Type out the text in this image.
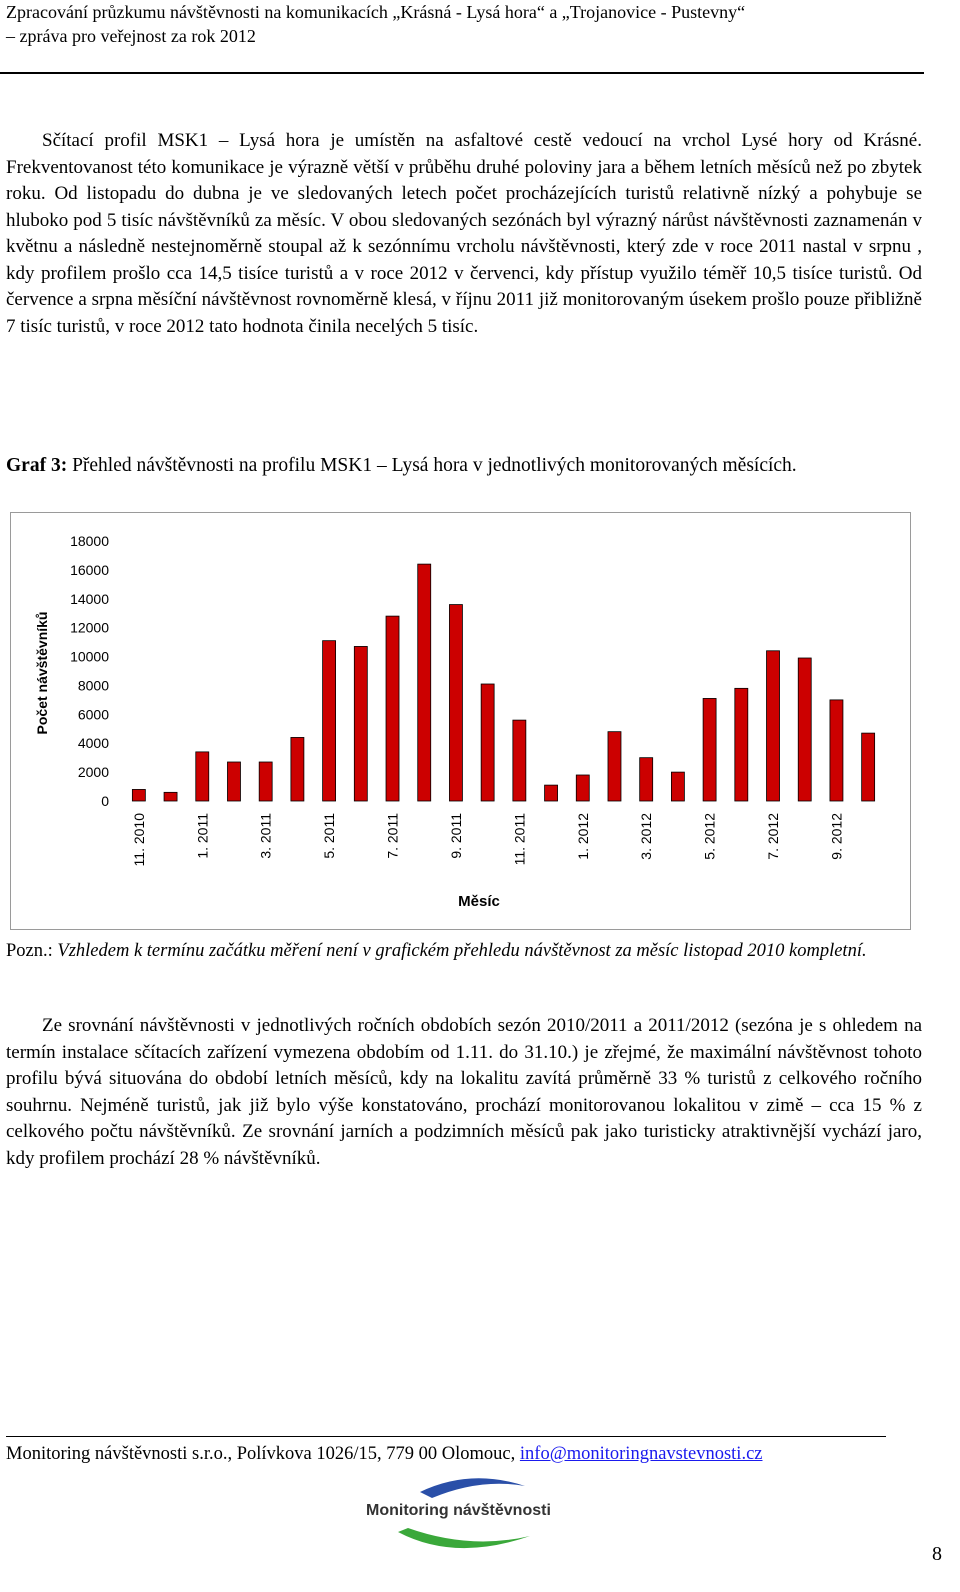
Zpracování průzkumu návštěvnosti na komunikacích „Krásná - Lysá hora“ a „Trojanovice - Pustevny“
– zpráva pro veřejnost za rok 2012

Sčítací profil MSK1 – Lysá hora je umístěn na asfaltové cestě vedoucí na vrchol Lysé hory od Krásné. Frekventovanost této komunikace je výrazně větší v průběhu druhé poloviny jara a během letních měsíců než po zbytek roku. Od listopadu do dubna je ve sledovaných letech počet procházejících turistů relativně nízký a pohybuje se hluboko pod 5 tisíc návštěvníků za měsíc. V obou sledovaných sezónách byl výrazný nárůst návštěvnosti zaznamenán v květnu a následně nestejnoměrně stoupal až k sezónnímu vrcholu návštěvnosti, který zde v roce 2011 nastal v srpnu , kdy profilem prošlo cca 14,5 tisíce turistů a v roce 2012 v červenci, kdy přístup využilo téměř 10,5 tisíce turistů. Od července a srpna měsíční návštěvnost rovnoměrně klesá, v říjnu 2011 již monitorovaným úsekem prošlo pouze přibližně 7 tisíc turistů, v roce 2012 tato hodnota činila necelých 5 tisíc.

Graf 3: Přehled návštěvnosti na profilu MSK1 – Lysá hora v jednotlivých monitorovaných měsících.
0
2000
4000
6000
8000
10000
12000
14000
16000
18000
11. 2010	1. 2011	3. 2011	5. 2011	7. 2011	9. 2011	11. 2011	1. 2012	3. 2012	5. 2012	7. 2012	9. 2012
Počet návštěvníků
Měsíc
Pozn.: Vzhledem k termínu začátku měření není v grafickém přehledu návštěvnost za měsíc listopad 2010 kompletní.

Ze srovnání návštěvnosti v jednotlivých ročních obdobích sezón 2010/2011 a 2011/2012 (sezóna je s ohledem na termín instalace sčítacích zařízení vymezena obdobím od 1.11. do 31.10.) je zřejmé, že maximální návštěvnost tohoto profilu bývá situována do období letních měsíců, kdy na lokalitu zavítá průměrně 33 % turistů z celkového ročního souhrnu. Nejméně turistů, jak již bylo výše konstatováno, prochází monitorovanou lokalitou v zimě – cca 15 % z celkového počtu návštěvníků. Ze srovnání jarních a podzimních měsíců pak jako turisticky atraktivnější vychází jaro, kdy profilem prochází 28 % návštěvníků.

Monitoring návštěvnosti s.r.o., Polívkova 1026/15, 779 00 Olomouc, info@monitoringnavstevnosti.cz
Monitoring návštěvnosti
8
